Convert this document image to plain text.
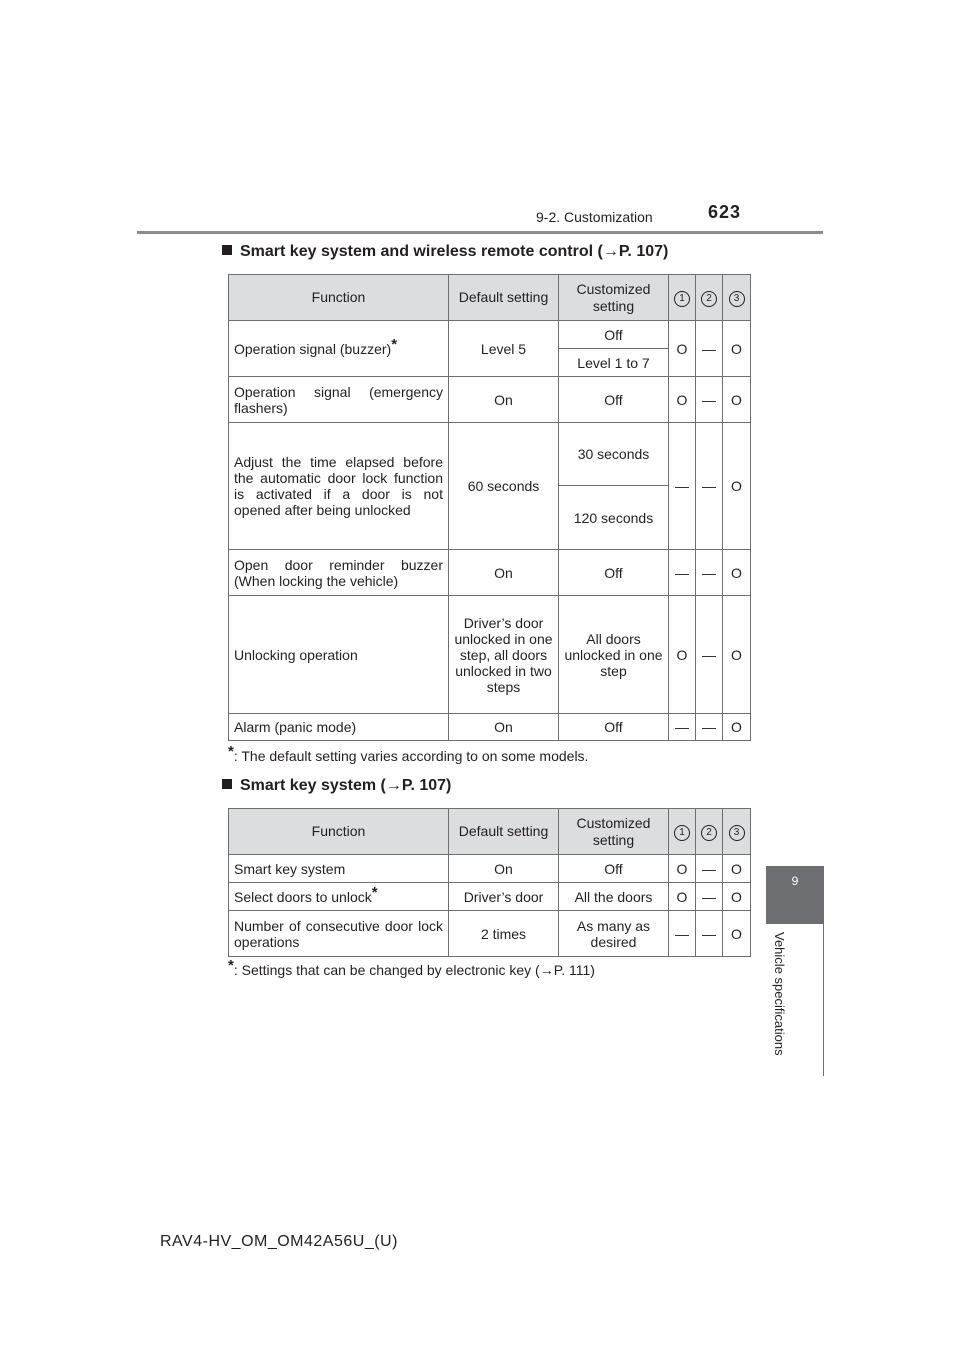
9-2. Customization	623
9
Vehicle specifications
Smart key system and wireless remote control (→P. 107)
Function	Default setting	Customized setting	1	2	3
Operation signal (buzzer)*	Level 5	Off	O	—	O
		Level 1 to 7			
Operation signal (emergency flashers)	On	Off	O	—	O
Adjust the time elapsed before the automatic door lock function is activated if a door is not opened after being unlocked	60 seconds	30 seconds	—	—	O
		120 seconds			
Open door reminder buzzer (When locking the vehicle)	On	Off	—	—	O
Unlocking operation	Driver’s door unlocked in one step, all doors unlocked in two steps	All doors unlocked in one step	O	—	O
Alarm (panic mode)	On	Off	—	—	O
*: The default setting varies according to on some models.
Smart key system (→P. 107)
Function	Default setting	Customized setting	1	2	3
Smart key system	On	Off	O	—	O
Select doors to unlock*	Driver’s door	All the doors	O	—	O
Number of consecutive door lock operations	2 times	As many as desired	—	—	O
*: Settings that can be changed by electronic key (→P. 111)
RAV4-HV_OM_OM42A56U_(U)
